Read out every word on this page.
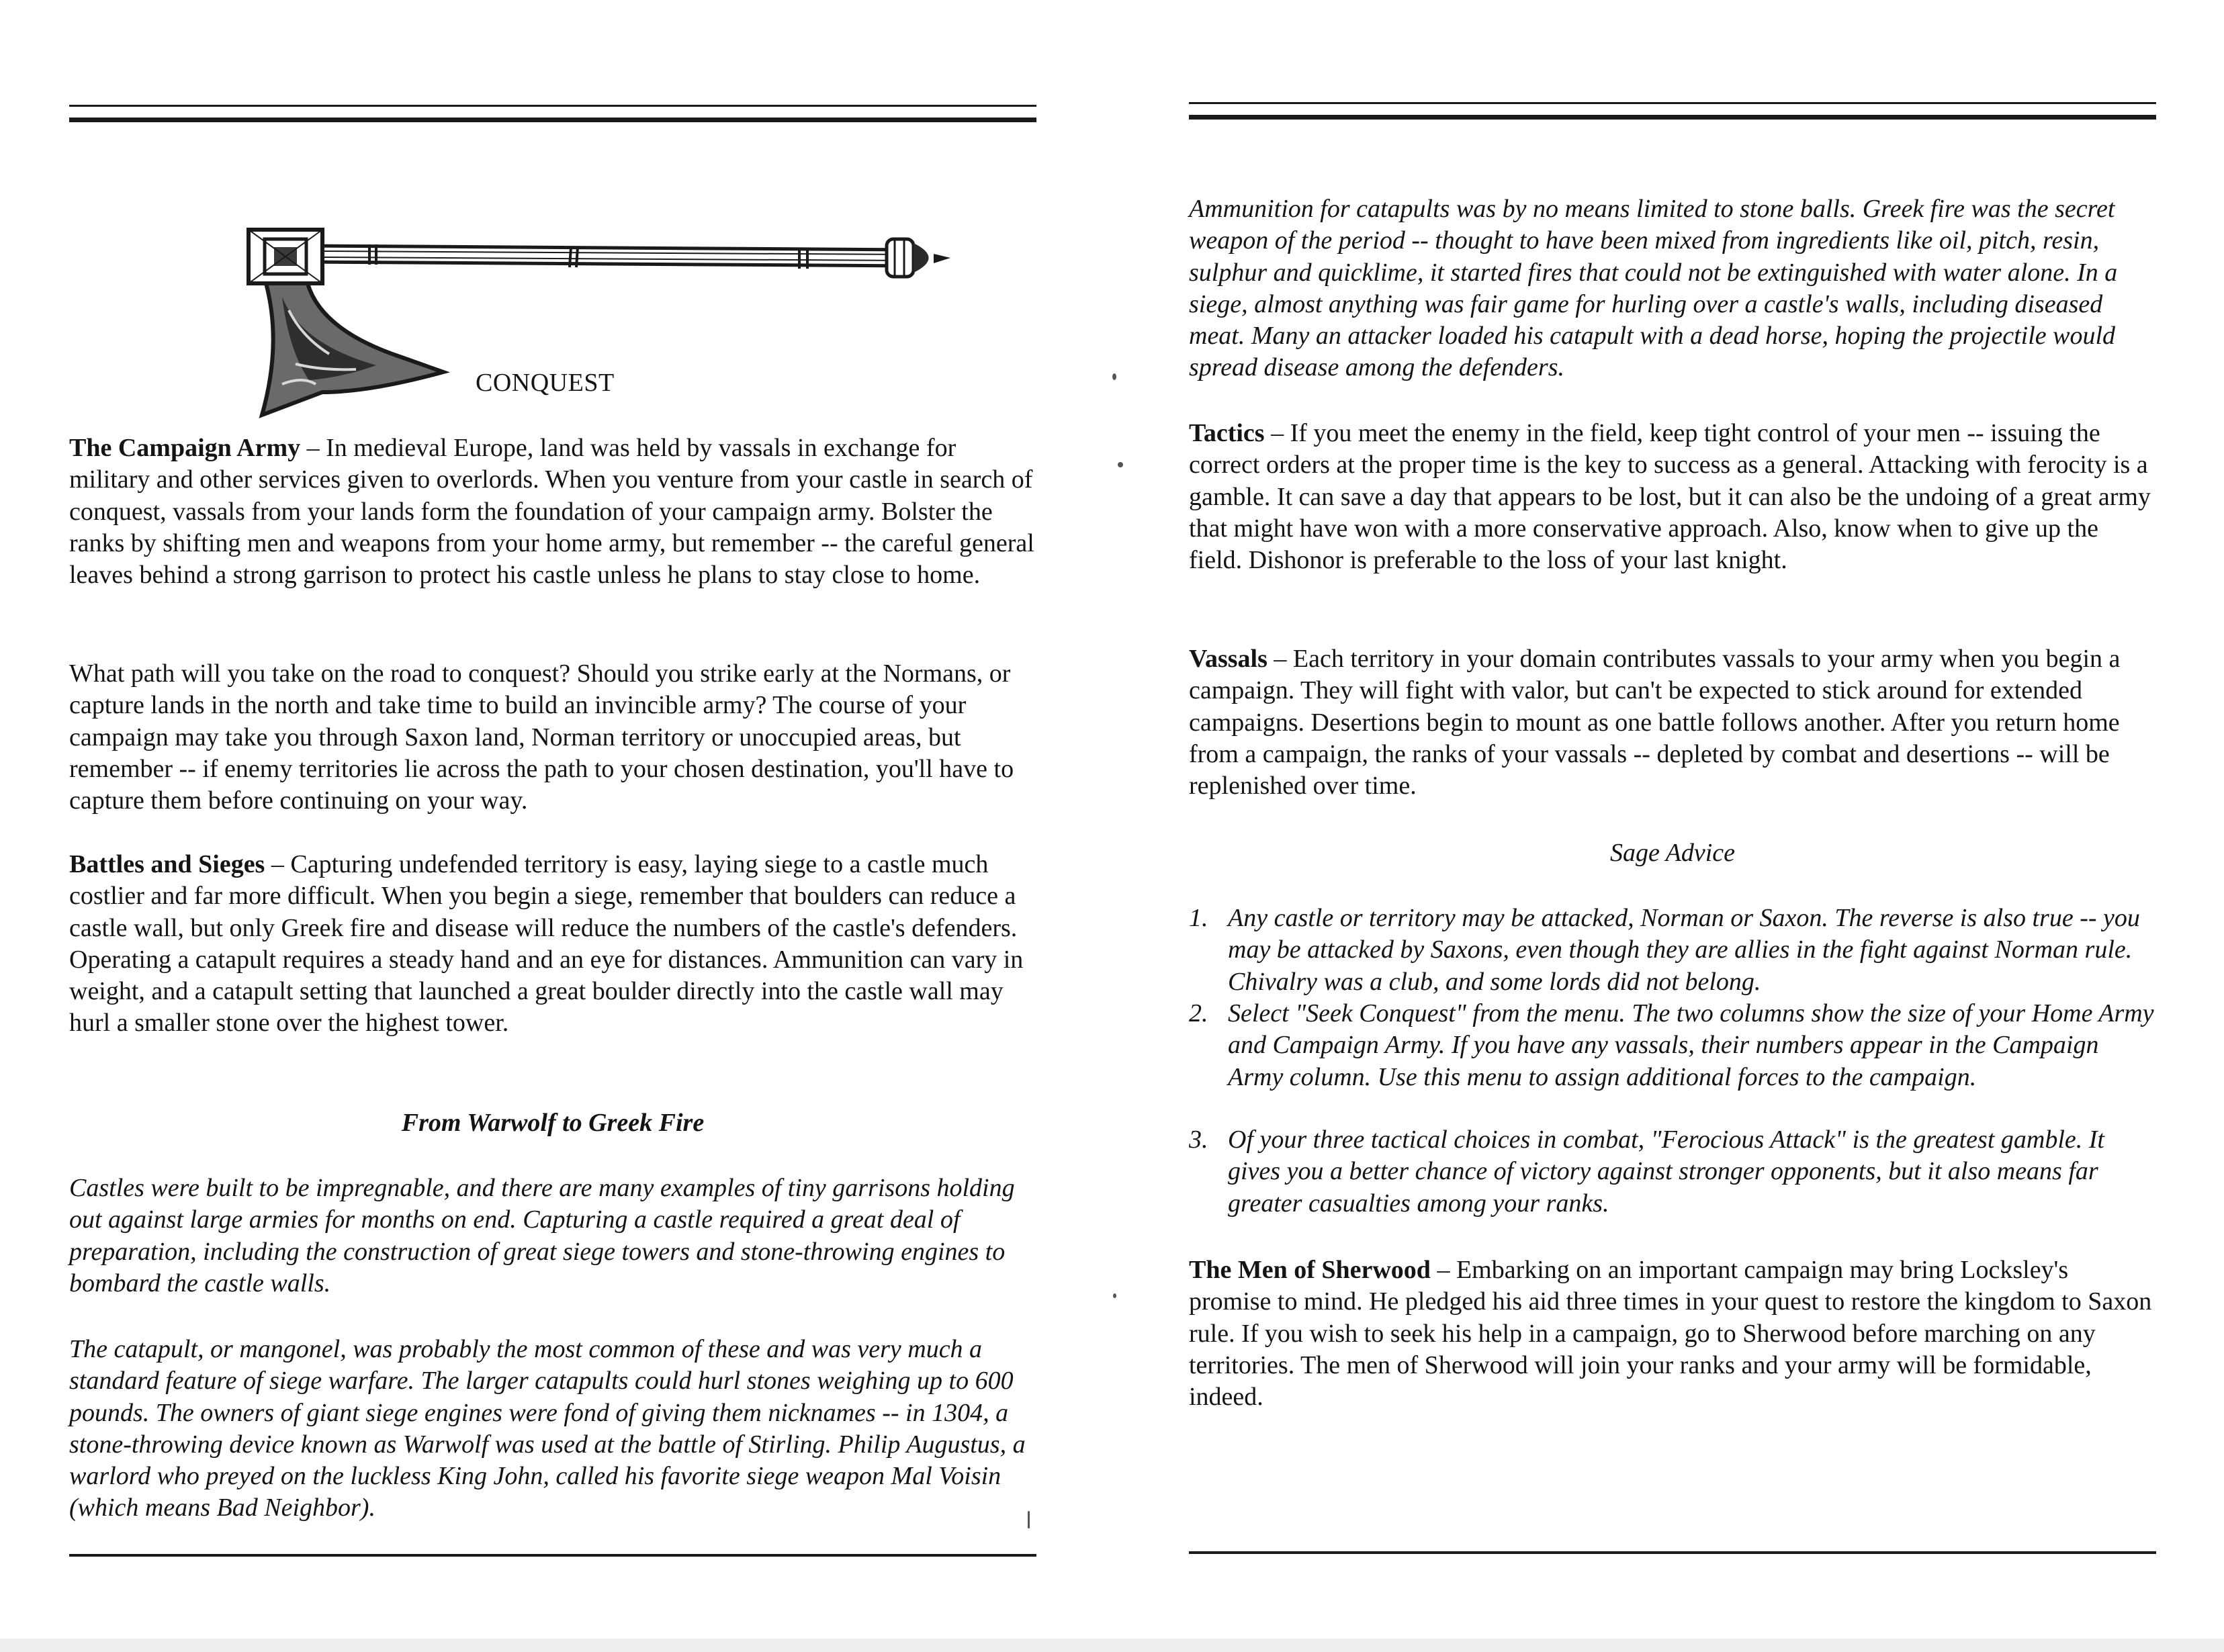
CONQUEST

The Campaign Army – In medieval Europe, land was held by vassals in exchange for military and other services given to overlords. When you venture from your castle in search of conquest, vassals from your lands form the foundation of your campaign army. Bolster the ranks by shifting men and weapons from your home army, but remember -- the careful general leaves behind a strong garrison to protect his castle unless he plans to stay close to home.

What path will you take on the road to conquest? Should you strike early at the Normans, or capture lands in the north and take time to build an invincible army? The course of your campaign may take you through Saxon land, Norman territory or unoccupied areas, but remember -- if enemy territories lie across the path to your chosen destination, you'll have to capture them before continuing on your way.

Battles and Sieges – Capturing undefended territory is easy, laying siege to a castle much costlier and far more difficult. When you begin a siege, remember that boulders can reduce a castle wall, but only Greek fire and disease will reduce the numbers of the castle's defenders. Operating a catapult requires a steady hand and an eye for distances. Ammunition can vary in weight, and a catapult setting that launched a great boulder directly into the castle wall may hurl a smaller stone over the highest tower.

From Warwolf to Greek Fire

Castles were built to be impregnable, and there are many examples of tiny garrisons holding out against large armies for months on end. Capturing a castle required a great deal of preparation, including the construction of great siege towers and stone-throwing engines to bombard the castle walls.

The catapult, or mangonel, was probably the most common of these and was very much a standard feature of siege warfare. The larger catapults could hurl stones weighing up to 600 pounds. The owners of giant siege engines were fond of giving them nicknames -- in 1304, a stone-throwing device known as Warwolf was used at the battle of Stirling. Philip Augustus, a warlord who preyed on the luckless King John, called his favorite siege weapon Mal Voisin (which means Bad Neighbor).

Ammunition for catapults was by no means limited to stone balls. Greek fire was the secret weapon of the period -- thought to have been mixed from ingredients like oil, pitch, resin, sulphur and quicklime, it started fires that could not be extinguished with water alone. In a siege, almost anything was fair game for hurling over a castle's walls, including diseased meat. Many an attacker loaded his catapult with a dead horse, hoping the projectile would spread disease among the defenders.

Tactics – If you meet the enemy in the field, keep tight control of your men -- issuing the correct orders at the proper time is the key to success as a general. Attacking with ferocity is a gamble. It can save a day that appears to be lost, but it can also be the undoing of a great army that might have won with a more conservative approach. Also, know when to give up the field. Dishonor is preferable to the loss of your last knight.

Vassals – Each territory in your domain contributes vassals to your army when you begin a campaign. They will fight with valor, but can't be expected to stick around for extended campaigns. Desertions begin to mount as one battle follows another. After you return home from a campaign, the ranks of your vassals -- depleted by combat and desertions -- will be replenished over time.

Sage Advice
1. Any castle or territory may be attacked, Norman or Saxon. The reverse is also true -- you may be attacked by Saxons, even though they are allies in the fight against Norman rule. Chivalry was a club, and some lords did not belong.
2. Select "Seek Conquest" from the menu. The two columns show the size of your Home Army and Campaign Army. If you have any vassals, their numbers appear in the Campaign Army column. Use this menu to assign additional forces to the campaign.
3. Of your three tactical choices in combat, "Ferocious Attack" is the greatest gamble. It gives you a better chance of victory against stronger opponents, but it also means far greater casualties among your ranks.

The Men of Sherwood – Embarking on an important campaign may bring Locksley's promise to mind. He pledged his aid three times in your quest to restore the kingdom to Saxon rule. If you wish to seek his help in a campaign, go to Sherwood before marching on any territories. The men of Sherwood will join your ranks and your army will be formidable, indeed.
